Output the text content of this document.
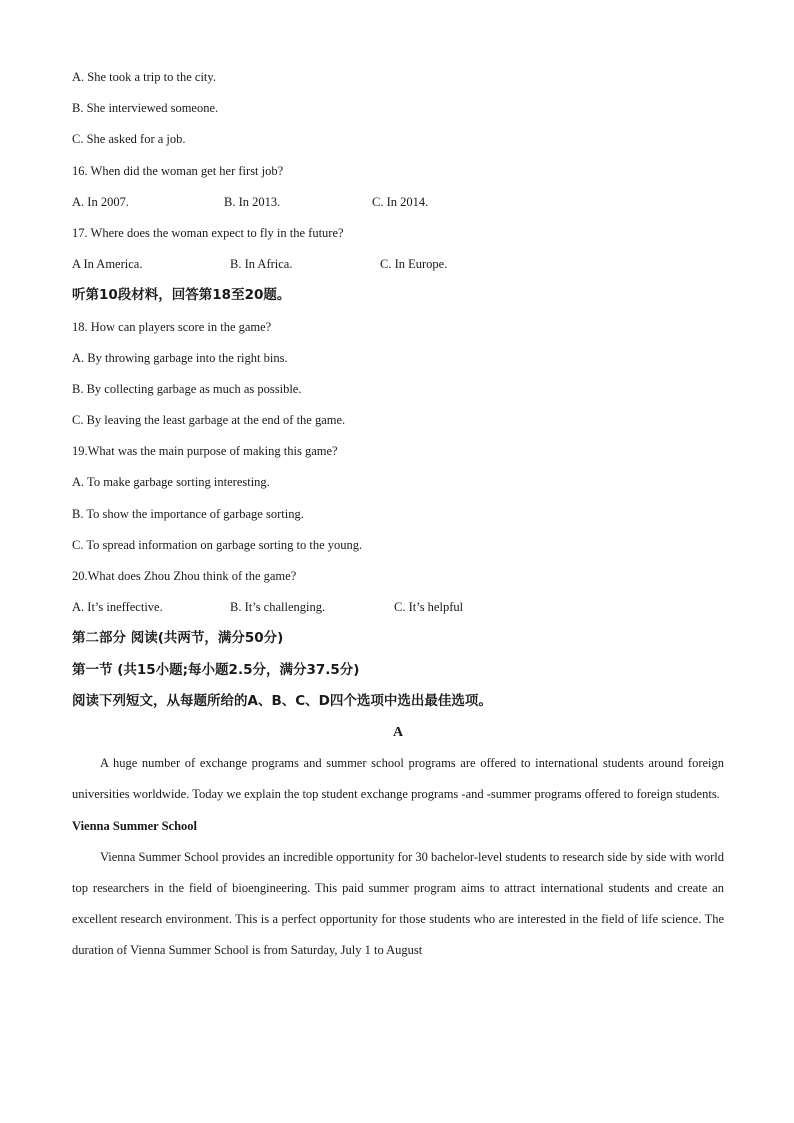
A. She took a trip to the city.
B. She interviewed someone.
C. She asked for a job.
16. When did the woman get her first job?
A. In 2007.	B. In 2013.	C. In 2014.
17. Where does the woman expect to fly in the future?
A In America.	B. In Africa.	C. In Europe.
听第10段材料，回答第18至20题。
18. How can players score in the game?
A. By throwing garbage into the right bins.
B. By collecting garbage as much as possible.
C. By leaving the least garbage at the end of the game.
19.What was the main purpose of making this game?
A. To make garbage sorting interesting.
B. To show the importance of garbage sorting.
C. To spread information on garbage sorting to the young.
20.What does Zhou Zhou think of the game?
A. It’s ineffective.	B. It’s challenging.	C. It’s helpful
第二部分 阅读(共两节，满分50分)
第一节 (共15小题;每小题2.5分，满分37.5分)
阅读下列短文，从每题所给的A、B、C、D四个选项中选出最佳选项。
A

A huge number of exchange programs and summer school programs are offered to international students around foreign universities worldwide. Today we explain the top student exchange programs -and -summer programs offered to foreign students.

Vienna Summer School

Vienna Summer School provides an incredible opportunity for 30 bachelor-level students to research side by side with world top researchers in the field of bioengineering. This paid summer program aims to attract international students and create an excellent research environment. This is a perfect opportunity for those students who are interested in the field of life science. The duration of Vienna Summer School is from Saturday, July 1 to August
